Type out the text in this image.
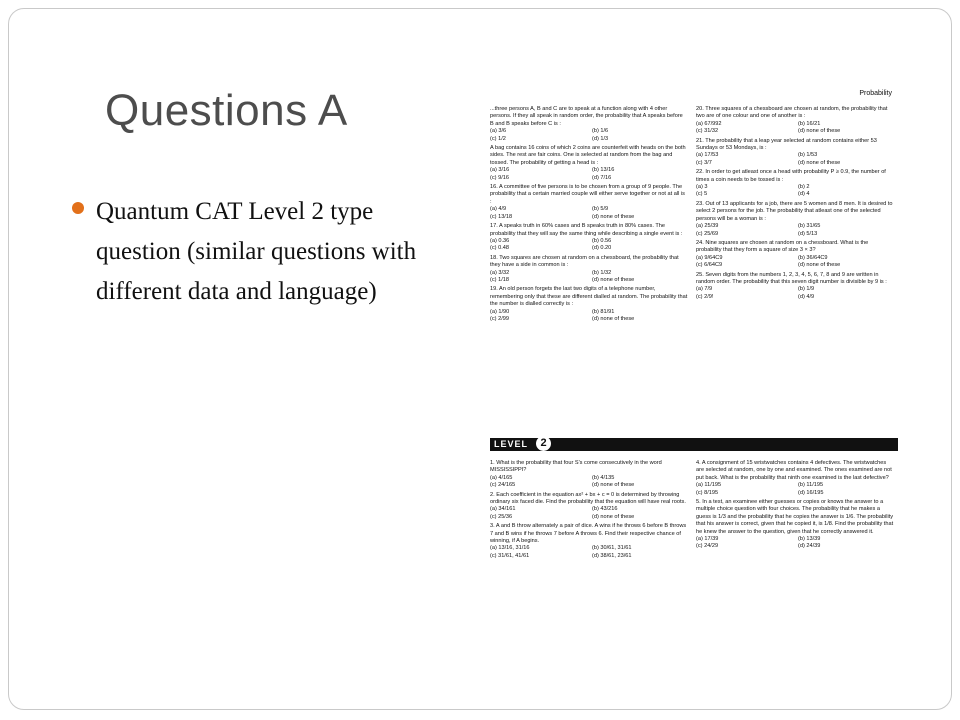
Questions A
Quantum CAT Level 2 type question (similar questions with different data and language)
Probability
...three persons A, B and C are to speak at a function along with 4 other persons. If they all speak in random order, the probability that A speaks before B and B speaks before C is :
(a) 3/6	(b) 1/6
(c) 1/2	(d) 1/3
A bag contains 16 coins of which 2 coins are counterfeit with heads on the both sides. The rest are fair coins. One is selected at random from the bag and tossed. The probability of getting a head is :
(a) 3/16	(b) 13/16
(c) 9/16	(d) 7/16
16. A committee of five persons is to be chosen from a group of 9 people. The probability that a certain married couple will either serve together or not at all is :
(a) 4/9	(b) 5/9
(c) 13/18	(d) none of these
17. A speaks truth in 60% cases and B speaks truth in 80% cases. The probability that they will say the same thing while describing a single event is :
(a) 0.36	(b) 0.56
(c) 0.48	(d) 0.20
18. Two squares are chosen at random on a chessboard, the probability that they have a side in common is :
(a) 3/32	(b) 1/32
(c) 1/18	(d) none of these
19. An old person forgets the last two digits of a telephone number, remembering only that these are different dialled at random. The probability that the number is dialled correctly is :
(a) 1/90	(b) 81/91
(c) 2/99	(d) none of these
20. Three squares of a chessboard are chosen at random, the probability that two are of one colour and one of another is :
(a) 67/992	(b) 16/21
(c) 31/32	(d) none of these
21. The probability that a leap year selected at random contains either 53 Sundays or 53 Mondays, is :
(a) 17/53	(b) 1/53
(c) 3/7	(d) none of these
22. In order to get atleast once a head with probability P ≥ 0.9, the number of times a coin needs to be tossed is :
(a) 3	(b) 2
(c) 5	(d) 4
23. Out of 13 applicants for a job, there are 5 women and 8 men. It is desired to select 2 persons for the job. The probability that atleast one of the selected persons will be a woman is :
(a) 25/39	(b) 31/65
(c) 25/69	(d) 5/13
24. Nine squares are chosen at random on a chessboard. What is the probability that they form a square of size 3 × 3?
(a) 9/64C9	(b) 36/64C9
(c) 6/64C9	(d) none of these
25. Seven digits from the numbers 1, 2, 3, 4, 5, 6, 7, 8 and 9 are written in random order. The probability that this seven digit number is divisible by 9 is :
(a) 7/9	(b) 1/9
(c) 2/9!	(d) 4/9
LEVEL	2
1. What is the probability that four S's come consecutively in the word MISSISSIPPI?
(a) 4/165	(b) 4/135
(c) 24/165	(d) none of these
2. Each coefficient in the equation ax² + bx + c = 0 is determined by throwing ordinary six faced die. Find the probability that the equation will have real roots.
(a) 34/161	(b) 43/216
(c) 25/36	(d) none of these
3. A and B throw alternately a pair of dice. A wins if he throws 6 before B throws 7 and B wins if he throws 7 before A throws 6. Find their respective chance of winning, if A begins.
(a) 13/16, 31/16	(b) 30/61, 31/61
(c) 31/61, 41/61	(d) 38/61, 23/61
4. A consignment of 15 wristwatches contains 4 defectives. The wristwatches are selected at random, one by one and examined. The ones examined are not put back. What is the probability that ninth one examined is the last defective?
(a) 11/195	(b) 11/195
(c) 8/195	(d) 16/195
5. In a test, an examinee either guesses or copies or knows the answer to a multiple choice question with four choices. The probability that he makes a guess is 1/3 and the probability that he copies the answer is 1/6. The probability that his answer is correct, given that he copied it, is 1/8. Find the probability that he knew the answer to the question, given that he correctly answered it.
(a) 17/39	(b) 13/39
(c) 24/29	(d) 24/39
